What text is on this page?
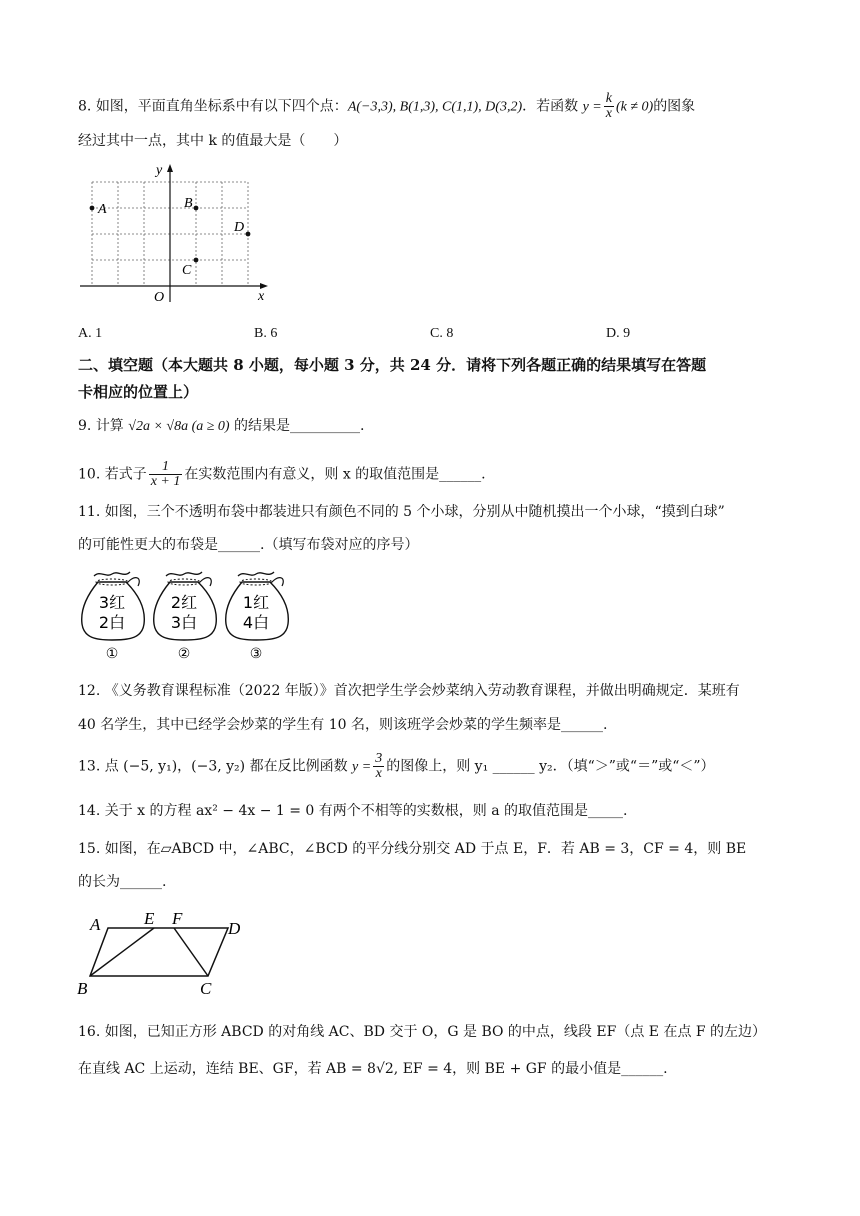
8. 如图，平面直角坐标系中有以下四个点：A(−3,3), B(1,3), C(1,1), D(3,2)．若函数 $y = \frac{k}{x} (k \ne 0)$的图象
经过其中一点，其中 k 的值最大是（　　）
x
y
O
A	B
C
D
A. 1	B. 6	C. 8	D. 9
二、填空题（本大题共 8 小题，每小题 3 分，共 24 分．请将下列各题正确的结果填写在答题
卡相应的位置上）
9. 计算 √2a × √8a (a ≥ 0) 的结果是__________.
10. 若式子 $\frac{1}{x + 1}$ 在实数范围内有意义，则 x 的取值范围是______.
11. 如图，三个不透明布袋中都装进只有颜色不同的 5 个小球，分别从中随机摸出一个小球，“摸到白球”
的可能性更大的布袋是______.（填写布袋对应的序号）
3红
2白
①
2红
3白
②
1红
4白
③
12. 《义务教育课程标准（2022 年版）》首次把学生学会炒菜纳入劳动教育课程，并做出明确规定．某班有
40 名学生，其中已经学会炒菜的学生有 10 名，则该班学会炒菜的学生频率是______.
13. 点 (−5, y₁)，(−3, y₂) 都在反比例函数 $y = \frac{3}{x}$ 的图像上，则 y₁ ______ y₂．（填“＞”或“＝”或“＜”）
14. 关于 x 的方程 ax² − 4x − 1 = 0 有两个不相等的实数根，则 a 的取值范围是_____.
15. 如图，在▱ABCD 中，∠ABC，∠BCD 的平分线分别交 AD 于点 E，F．若 AB = 3，CF = 4，则 BE
的长为______.
A	E F
D
B	C
16. 如图，已知正方形 ABCD 的对角线 AC、BD 交于 O，G 是 BO 的中点，线段 EF（点 E 在点 F 的左边）
在直线 AC 上运动，连结 BE、GF，若 AB = 8√2, EF = 4，则 BE + GF 的最小值是______.
